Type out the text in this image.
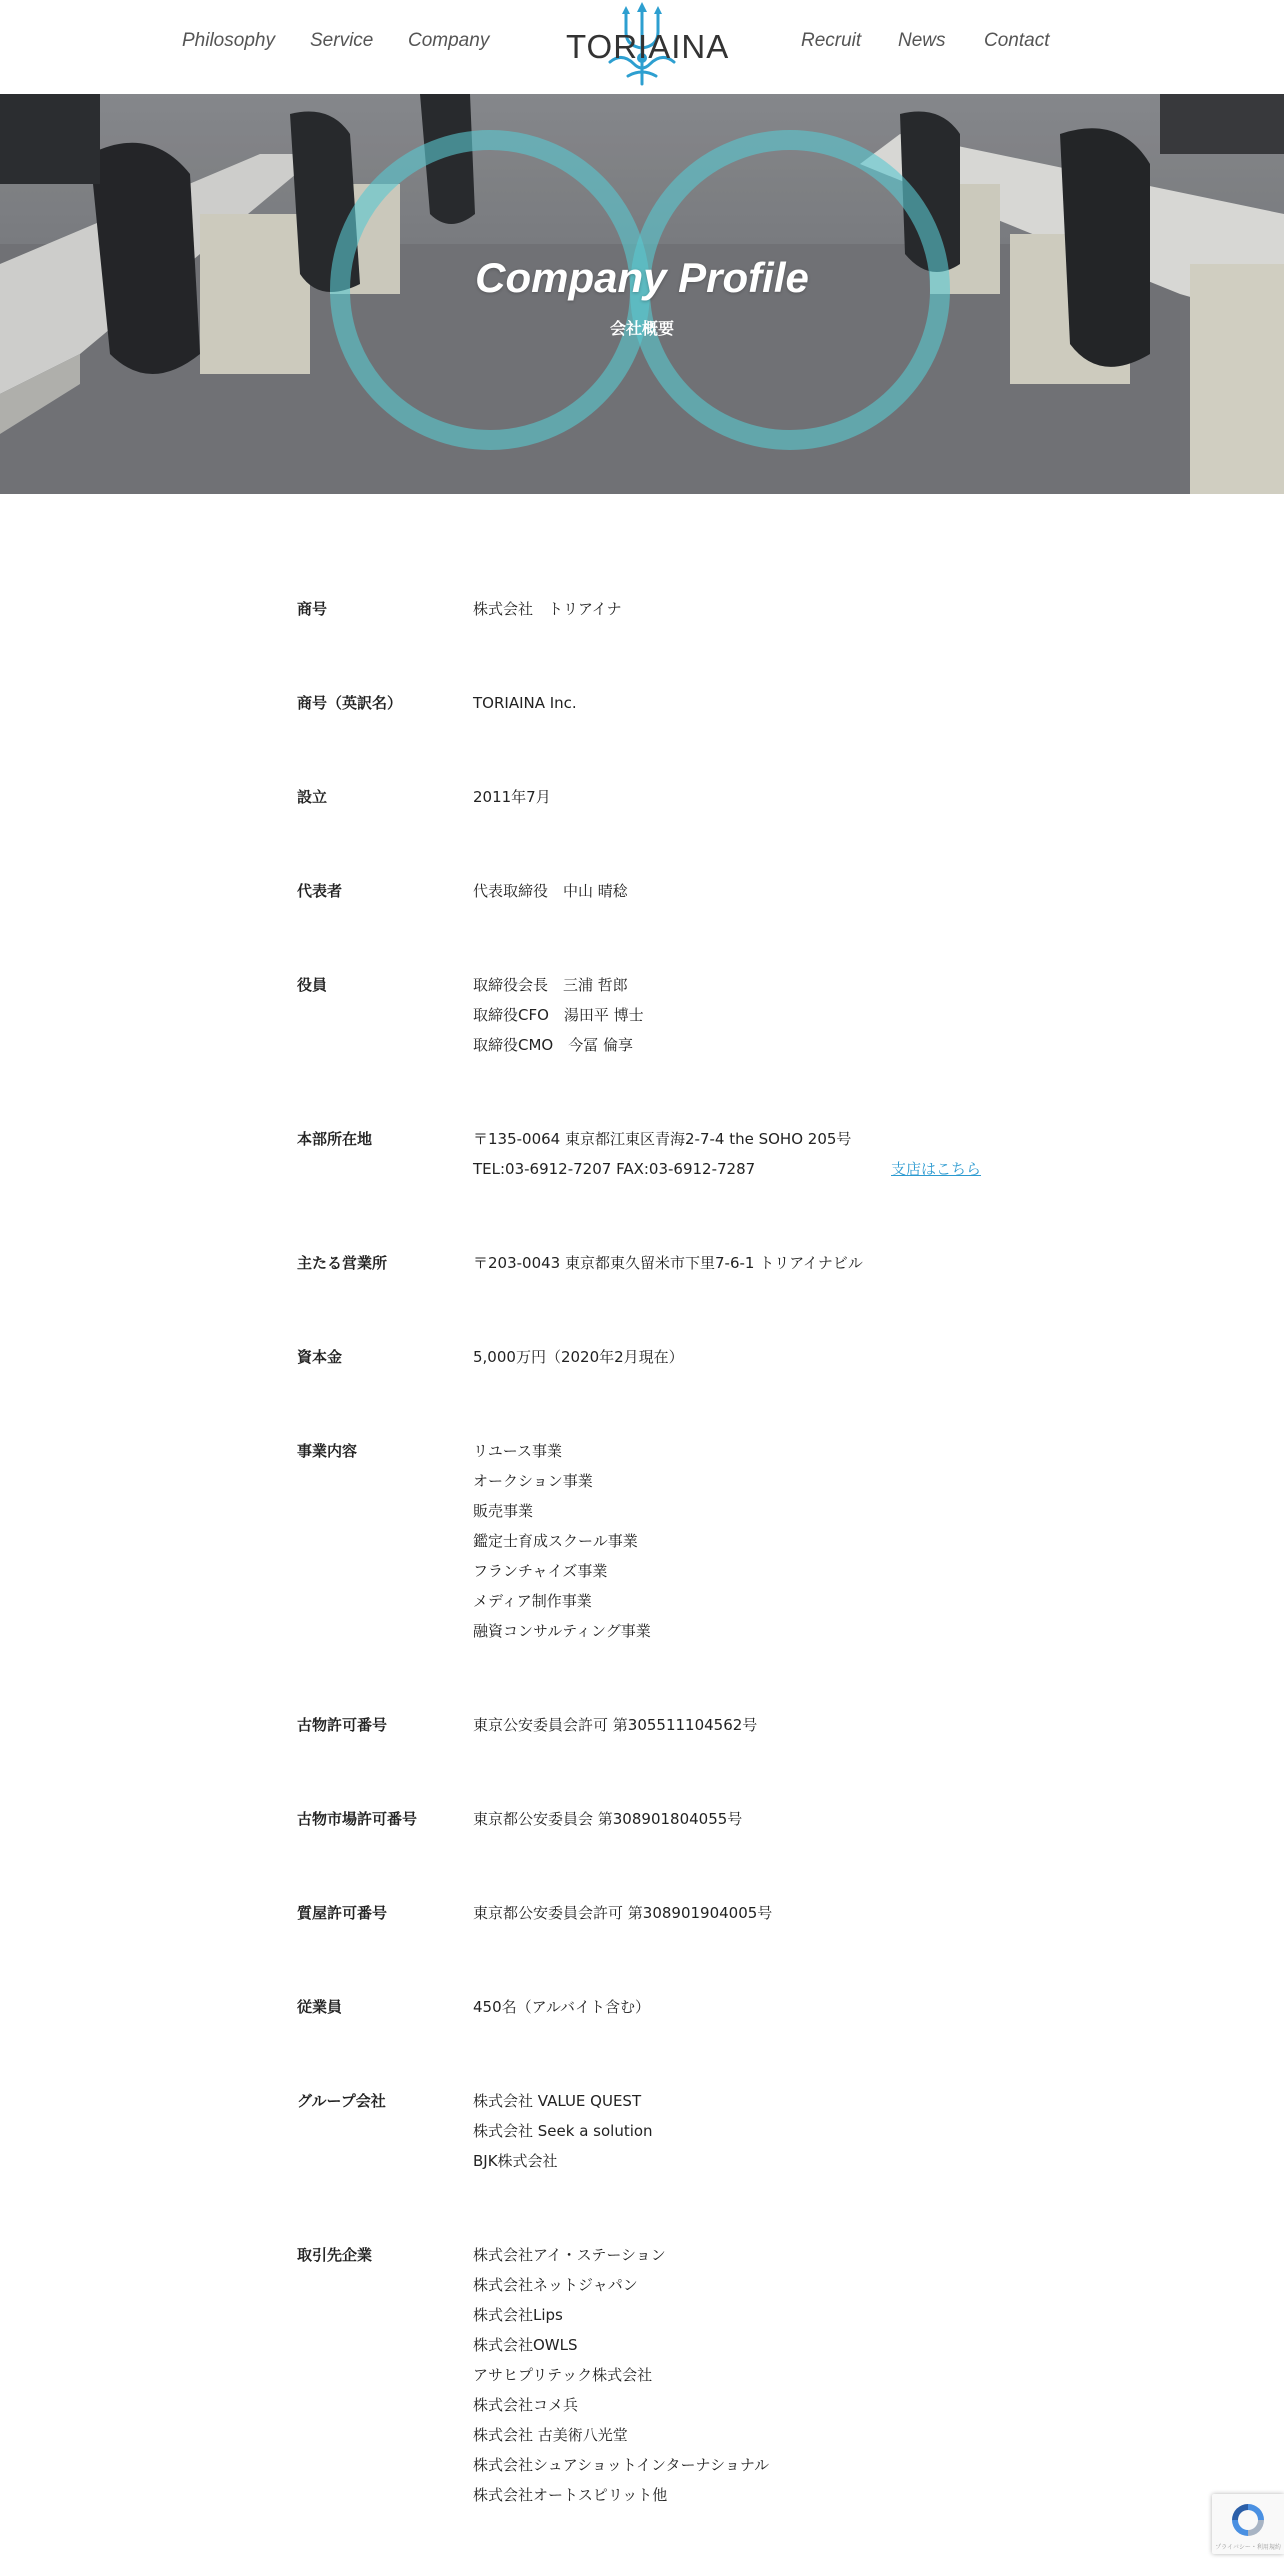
Philosophy Service Company TORIAINA	Recruit News Contact
Company Profile
会社概要
商号	株式会社　トリアイナ
商号（英訳名）	TORIAINA Inc.
設立	2011年7月
代表者	代表取締役　中山 晴稔
役員	取締役会長　三浦 哲郎
取締役CFO　湯田平 博士
取締役CMO　今冨 倫享
本部所在地	〒135-0064 東京都江東区青海2-7-4 the SOHO 205号
TEL:03-6912-7207 FAX:03-6912-7287	支店はこちら
主たる営業所	〒203-0043 東京都東久留米市下里7-6-1 トリアイナビル
資本金	5,000万円（2020年2月現在）
事業内容	リユース事業
オークション事業
販売事業
鑑定士育成スクール事業
フランチャイズ事業
メディア制作事業
融資コンサルティング事業
古物許可番号	東京公安委員会許可 第305511104562号
古物市場許可番号	東京都公安委員会 第308901804055号
質屋許可番号	東京都公安委員会許可 第308901904005号
従業員	450名（アルバイト含む）
グループ会社	株式会社 VALUE QUEST
株式会社 Seek a solution
BJK株式会社
取引先企業	株式会社アイ・ステーション
株式会社ネットジャパン
株式会社Lips
株式会社OWLS
アサヒプリテック株式会社
株式会社コメ兵
株式会社 古美術八光堂
株式会社シュアショットインターナショナル
株式会社オートスピリット他
プライバシー・利用規約
